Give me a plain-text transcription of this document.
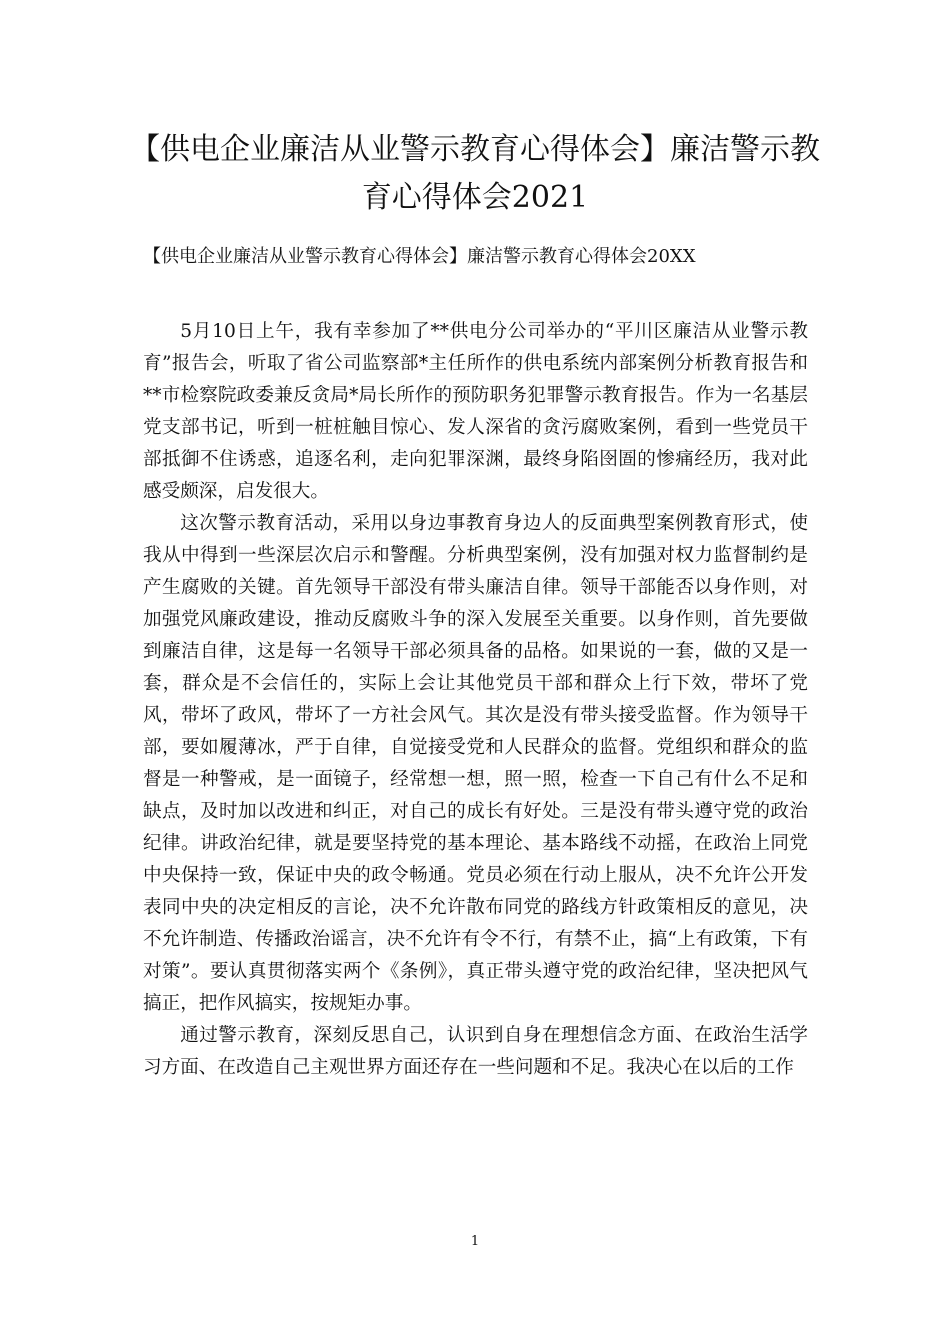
【供电企业廉洁从业警示教育心得体会】廉洁警示教育心得体会2021
【供电企业廉洁从业警示教育心得体会】廉洁警示教育心得体会20XX

5月10日上午，我有幸参加了**供电分公司举办的“平川区廉洁从业警示教育”报告会，听取了省公司监察部*主任所作的供电系统内部案例分析教育报告和**市检察院政委兼反贪局*局长所作的预防职务犯罪警示教育报告。作为一名基层党支部书记，听到一桩桩触目惊心、发人深省的贪污腐败案例，看到一些党员干部抵御不住诱惑，追逐名利，走向犯罪深渊，最终身陷囹圄的惨痛经历，我对此感受颇深，启发很大。

这次警示教育活动，采用以身边事教育身边人的反面典型案例教育形式，使我从中得到一些深层次启示和警醒。分析典型案例，没有加强对权力监督制约是产生腐败的关键。首先领导干部没有带头廉洁自律。领导干部能否以身作则，对加强党风廉政建设，推动反腐败斗争的深入发展至关重要。以身作则，首先要做到廉洁自律，这是每一名领导干部必须具备的品格。如果说的一套，做的又是一套，群众是不会信任的，实际上会让其他党员干部和群众上行下效，带坏了党风，带坏了政风，带坏了一方社会风气。其次是没有带头接受监督。作为领导干部，要如履薄冰，严于自律，自觉接受党和人民群众的监督。党组织和群众的监督是一种警戒，是一面镜子，经常想一想，照一照，检查一下自己有什么不足和缺点，及时加以改进和纠正，对自己的成长有好处。三是没有带头遵守党的政治纪律。讲政治纪律，就是要坚持党的基本理论、基本路线不动摇，在政治上同党中央保持一致，保证中央的政令畅通。党员必须在行动上服从，决不允许公开发表同中央的决定相反的言论，决不允许散布同党的路线方针政策相反的意见，决不允许制造、传播政治谣言，决不允许有令不行，有禁不止，搞“上有政策，下有对策”。要认真贯彻落实两个《条例》，真正带头遵守党的政治纪律，坚决把风气搞正，把作风搞实，按规矩办事。

通过警示教育，深刻反思自己，认识到自身在理想信念方面、在政治生活学习方面、在改造自己主观世界方面还存在一些问题和不足。我决心在以后的工作

1
